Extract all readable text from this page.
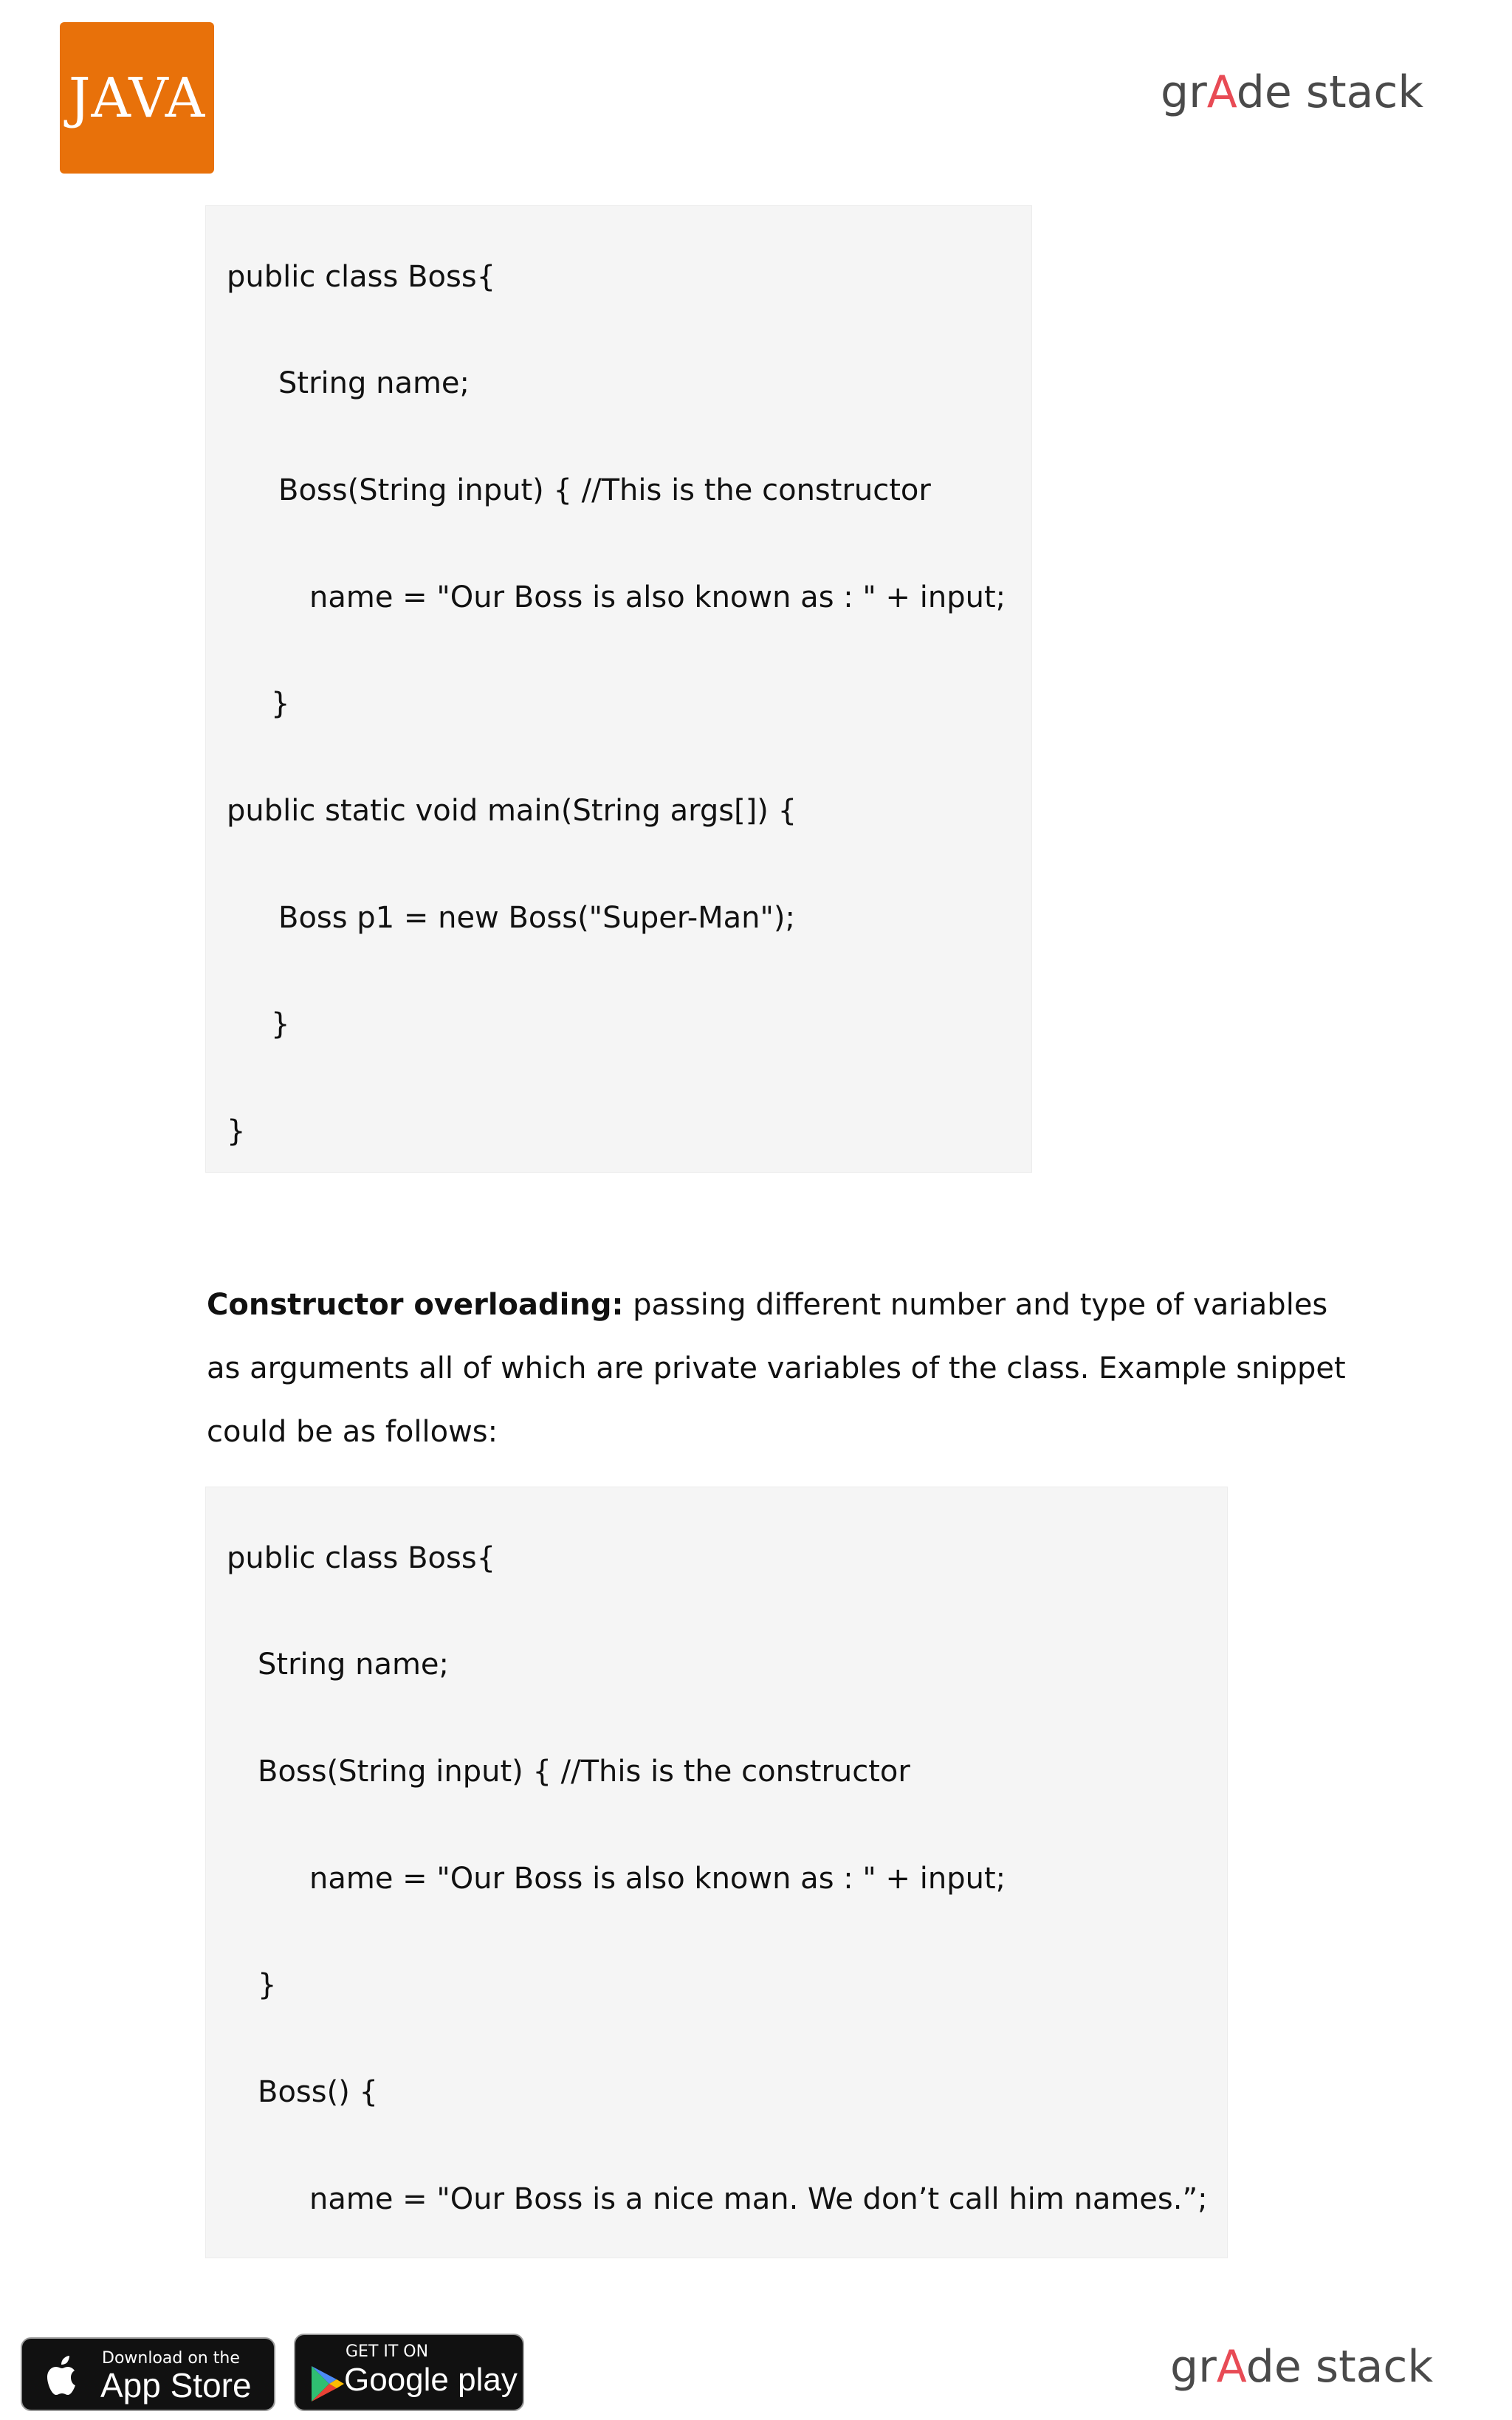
JAVA	grAde stack
public class Boss{
String name;
Boss(String input) { //This is the constructor
name = "Our Boss is also known as : " + input;
}
public static void main(String args[]) {
Boss p1 = new Boss("Super-Man");
}
}
Constructor overloading: passing different number and type of variables
as arguments all of which are private variables of the class. Example snippet
could be as follows:
public class Boss{
String name;
Boss(String input) { //This is the constructor
name = "Our Boss is also known as : " + input;
}
Boss() {
name = "Our Boss is a nice man. We don’t call him names.”;
Download on the
App Store
GET IT ON
Google play	grAde stack
